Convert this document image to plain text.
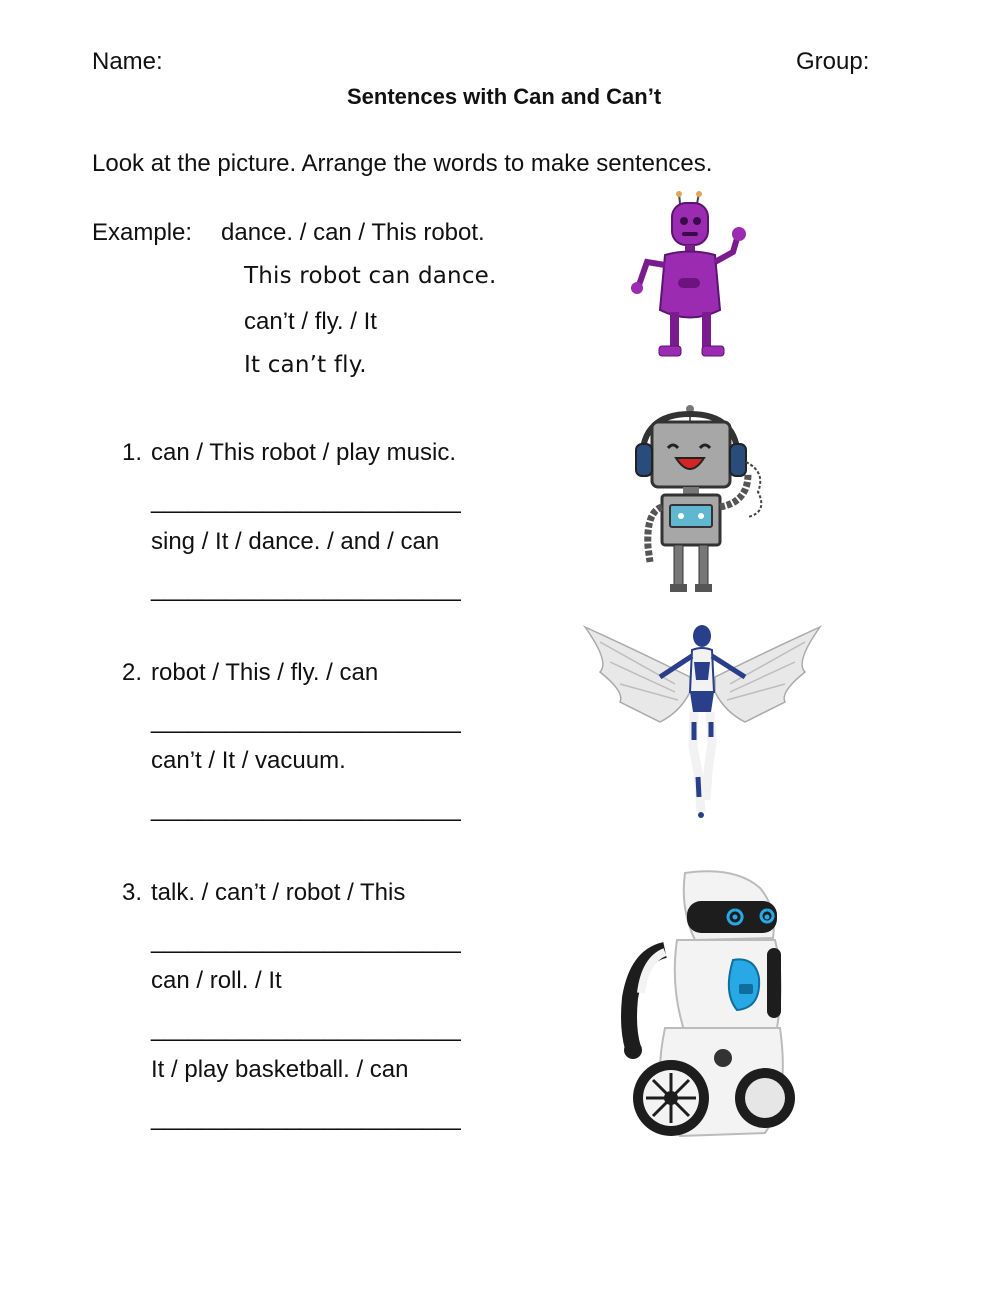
Name:	Group:
Sentences with Can and Can’t
Look at the picture. Arrange the words to make sentences.
Example: dance. / can / This robot.
This robot can dance.
can’t / fly. / It
It can’t fly.
1. can / This robot / play music.
_________________________
sing / It / dance. / and / can
_________________________
2. robot / This / fly. / can
_________________________
can’t / It / vacuum.
_________________________
3. talk. / can’t / robot / This
_________________________
can / roll. / It
_________________________
It / play basketball. / can
_________________________
